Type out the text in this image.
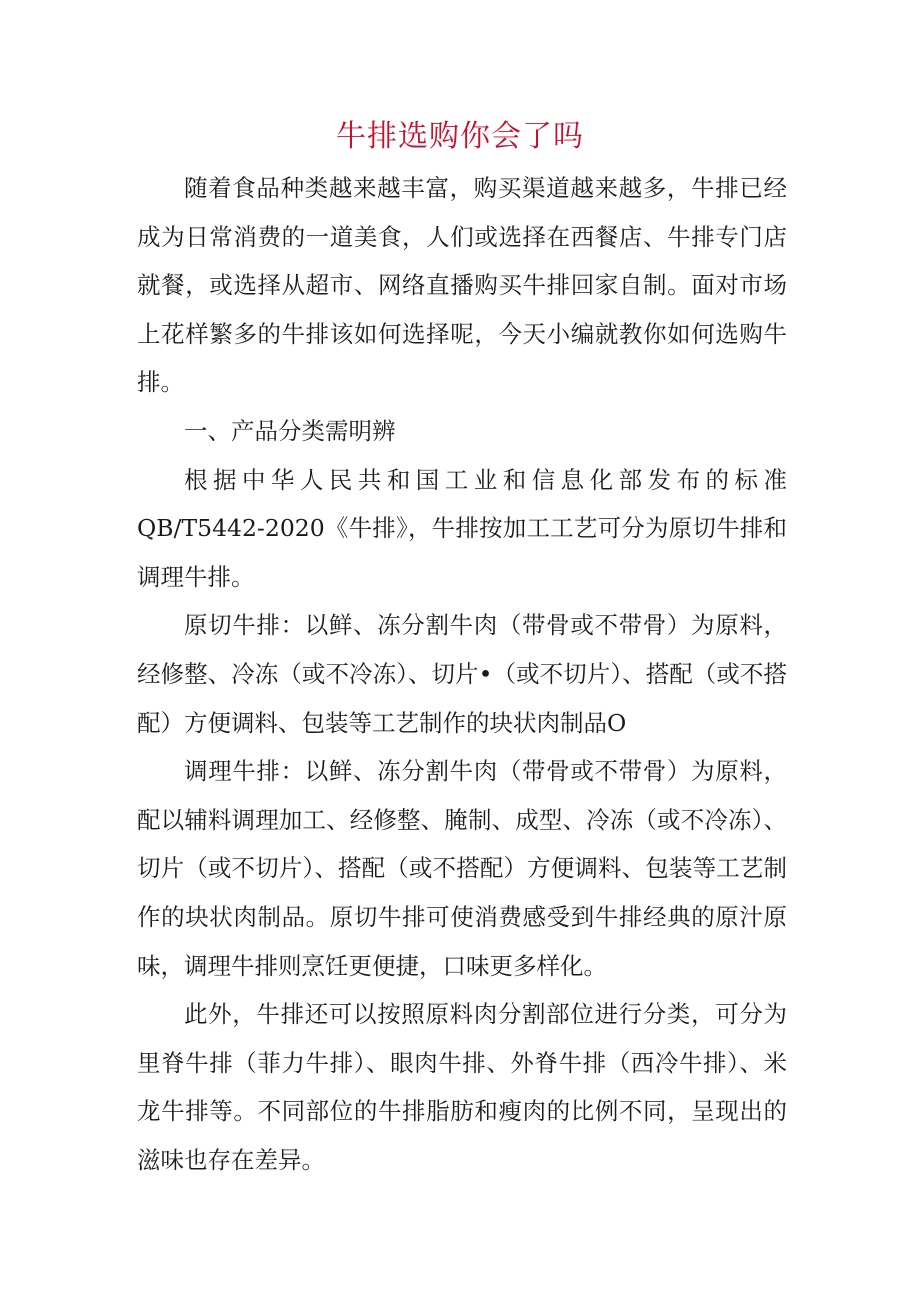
牛排选购你会了吗

随着食品种类越来越丰富，购买渠道越来越多，牛排已经成为日常消费的一道美食，人们或选择在西餐店、牛排专门店就餐，或选择从超市、网络直播购买牛排回家自制。面对市场上花样繁多的牛排该如何选择呢，今天小编就教你如何选购牛排。

一、产品分类需明辨

根据中华人民共和国工业和信息化部发布的标准QB/T5442-2020《牛排》，牛排按加工工艺可分为原切牛排和调理牛排。

原切牛排：以鲜、冻分割牛肉（带骨或不带骨）为原料，经修整、冷冻（或不冷冻）、切片•（或不切片）、搭配（或不搭配）方便调料、包装等工艺制作的块状肉制品O

调理牛排：以鲜、冻分割牛肉（带骨或不带骨）为原料，配以辅料调理加工、经修整、腌制、成型、冷冻（或不冷冻）、切片（或不切片）、搭配（或不搭配）方便调料、包装等工艺制作的块状肉制品。原切牛排可使消费感受到牛排经典的原汁原味，调理牛排则烹饪更便捷，口味更多样化。

此外，牛排还可以按照原料肉分割部位进行分类，可分为里脊牛排（菲力牛排）、眼肉牛排、外脊牛排（西冷牛排）、米龙牛排等。不同部位的牛排脂肪和瘦肉的比例不同，呈现出的滋味也存在差异。
